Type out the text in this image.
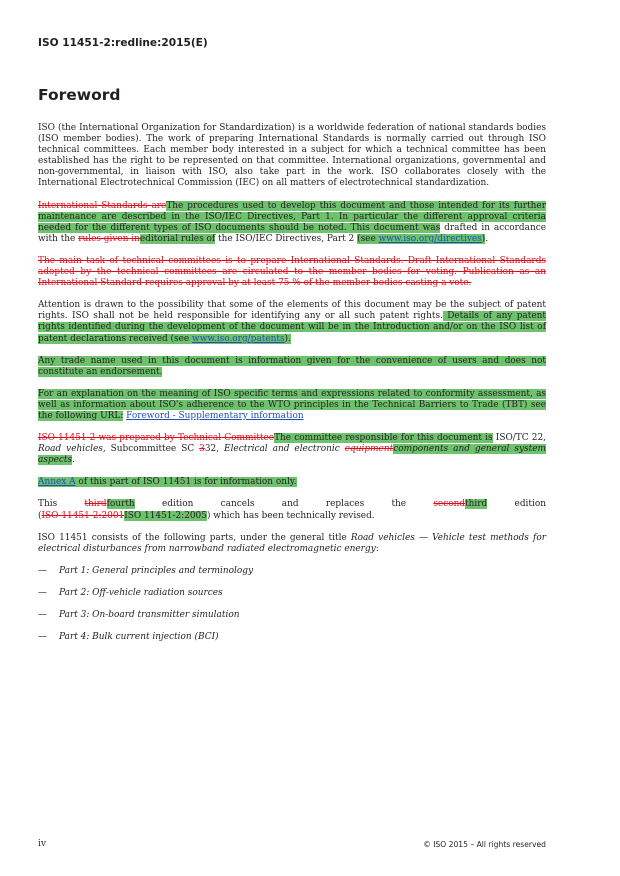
ISO 11451-2:redline:2015(E)
Foreword

ISO (the International Organization for Standardization) is a worldwide federation of national standards bodies (ISO member bodies). The work of preparing International Standards is normally carried out through ISO technical committees. Each member body interested in a subject for which a technical committee has been established has the right to be represented on that committee. International organizations, governmental and non-governmental, in liaison with ISO, also take part in the work. ISO collaborates closely with the International Electrotechnical Commission (IEC) on all matters of electrotechnical standardization.

International Standards areThe procedures used to develop this document and those intended for its further maintenance are described in the ISO/IEC Directives, Part 1. In particular the different approval criteria needed for the different types of ISO documents should be noted. This document was drafted in accordance with the rules given ineditorial rules of the ISO/IEC Directives, Part 2 (see www.iso.org/directives).

The main task of technical committees is to prepare International Standards. Draft International Standards adopted by the technical committees are circulated to the member bodies for voting. Publication as an International Standard requires approval by at least 75 % of the member bodies casting a vote.

Attention is drawn to the possibility that some of the elements of this document may be the subject of patent rights. ISO shall not be held responsible for identifying any or all such patent rights. Details of any patent rights identified during the development of the document will be in the Introduction and/or on the ISO list of patent declarations received (see www.iso.org/patents).

Any trade name used in this document is information given for the convenience of users and does not constitute an endorsement.

For an explanation on the meaning of ISO specific terms and expressions related to conformity assessment, as well as information about ISO's adherence to the WTO principles in the Technical Barriers to Trade (TBT) see the following URL: Foreword - Supplementary information

ISO 11451-2 was prepared by Technical CommitteeThe committee responsible for this document is ISO/TC 22, Road vehicles, Subcommittee SC 332, Electrical and electronic equipmentcomponents and general system aspects.

Annex A of this part of ISO 11451 is for information only.

This	thirdfourth	edition	cancels	and	replaces	the	secondthird	edition
(ISO 11451-2:2001ISO 11451-2:2005) which has been technically revised.

ISO 11451 consists of the following parts, under the general title Road vehicles — Vehicle test methods for electrical disturbances from narrowband radiated electromagnetic energy:

— Part 1: General principles and terminology
— Part 2: Off-vehicle radiation sources
— Part 3: On-board transmitter simulation
— Part 4: Bulk current injection (BCI)
iv	© ISO 2015 – All rights reserved
